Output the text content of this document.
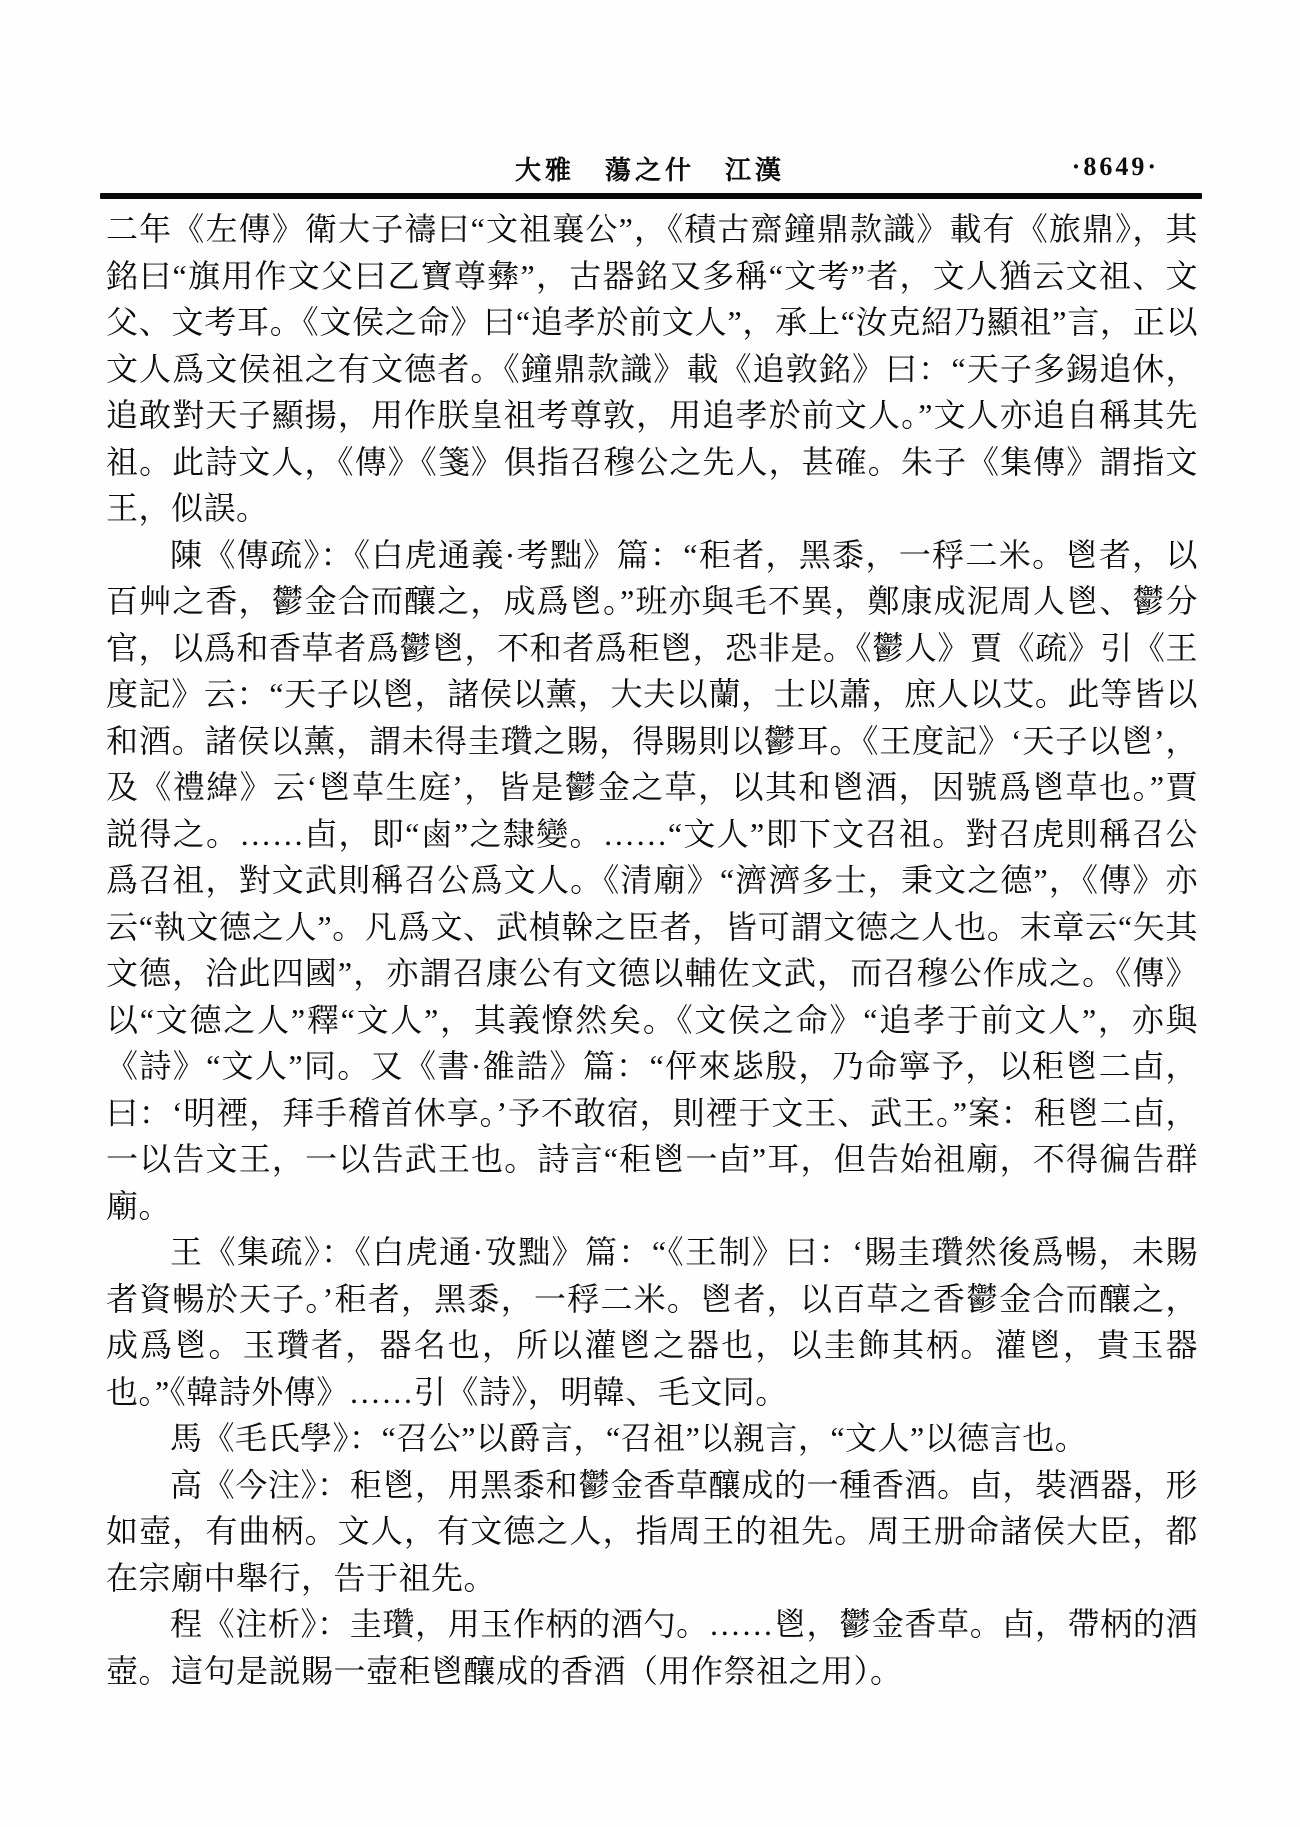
大雅　蕩之什　江漢	·8649·

二年《左傳》衛大子禱曰“文祖襄公”，《積古齋鐘鼎款識》載有《旅鼎》，其銘曰“旗用作文父曰乙寶尊彝”，古器銘又多稱“文考”者，文人猶云文祖、文父、文考耳。《文侯之命》曰“追孝於前文人”，承上“汝克紹乃顯祖”言，正以文人爲文侯祖之有文德者。《鐘鼎款識》載《追敦銘》曰：“天子多錫追休，追敢對天子顯揚，用作朕皇祖考尊敦，用追孝於前文人。”文人亦追自稱其先祖。此詩文人，《傳》《箋》俱指召穆公之先人，甚確。朱子《集傳》謂指文王，似誤。

陳《傳疏》：《白虎通義·考黜》篇：“秬者，黑黍，一稃二米。鬯者，以百艸之香，鬱金合而釀之，成爲鬯。”班亦與毛不異，鄭康成泥周人鬯、鬱分官，以爲和香草者爲鬱鬯，不和者爲秬鬯，恐非是。《鬱人》賈《疏》引《王度記》云：“天子以鬯，諸侯以薰，大夫以蘭，士以蕭，庶人以艾。此等皆以和酒。諸侯以薰，謂未得圭瓚之賜，得賜則以鬱耳。《王度記》‘天子以鬯’，及《禮緯》云‘鬯草生庭’，皆是鬱金之草，以其和鬯酒，因號爲鬯草也。”賈説得之。……卣，即“鹵”之隸變。……“文人”即下文召祖。對召虎則稱召公爲召祖，對文武則稱召公爲文人。《清廟》“濟濟多士，秉文之德”，《傳》亦云“執文德之人”。凡爲文、武楨榦之臣者，皆可謂文德之人也。末章云“矢其文德，洽此四國”，亦謂召康公有文德以輔佐文武，而召穆公作成之。《傳》以“文德之人”釋“文人”，其義憭然矣。《文侯之命》“追孝于前文人”，亦與《詩》“文人”同。又《書·雒誥》篇：“伻來毖殷，乃命寧予，以秬鬯二卣，曰：‘明禋，拜手稽首休享。’予不敢宿，則禋于文王、武王。”案：秬鬯二卣，一以告文王，一以告武王也。詩言“秬鬯一卣”耳，但告始祖廟，不得徧告群廟。

王《集疏》：《白虎通·攷黜》篇：“《王制》曰：‘賜圭瓚然後爲暢，未賜者資暢於天子。’秬者，黑黍，一稃二米。鬯者，以百草之香鬱金合而釀之，成爲鬯。玉瓚者，器名也，所以灌鬯之器也，以圭飾其柄。灌鬯，貴玉器也。”《韓詩外傳》……引《詩》，明韓、毛文同。

馬《毛氏學》：“召公”以爵言，“召祖”以親言，“文人”以德言也。

高《今注》：秬鬯，用黑黍和鬱金香草釀成的一種香酒。卣，裝酒器，形如壺，有曲柄。文人，有文德之人，指周王的祖先。周王册命諸侯大臣，都在宗廟中舉行，告于祖先。

程《注析》：圭瓚，用玉作柄的酒勺。……鬯，鬱金香草。卣，帶柄的酒壺。這句是説賜一壺秬鬯釀成的香酒（用作祭祖之用）。
